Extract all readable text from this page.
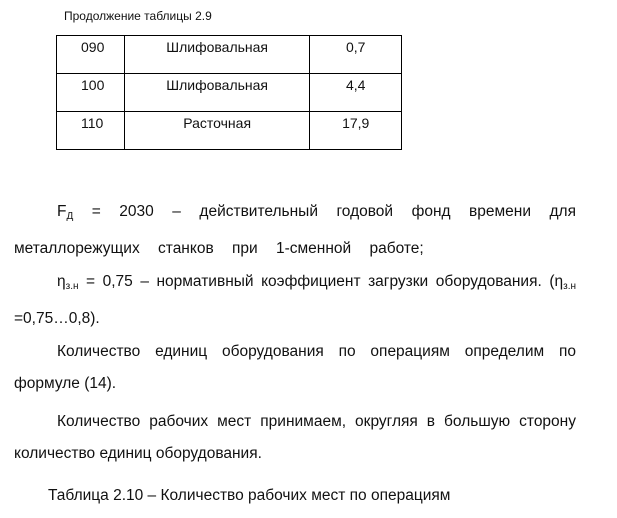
Продолжение таблицы 2.9
090	Шлифовальная	0,7
100	Шлифовальная	4,4
110	Расточная	17,9

$F_Д = 2030$ – действительный годовой фонд времени для металлорежущих станков при 1-сменной работе;

$\eta_{з.н} = 0,75$ – нормативный коэффициент загрузки оборудования. ($\eta_{з.н}$ =0,75…0,8).

Количество единиц оборудования по операциям определим по формуле (14).

Количество рабочих мест принимаем, округляя в большую сторону количество единиц оборудования.

Таблица 2.10 – Количество рабочих мест по операциям
